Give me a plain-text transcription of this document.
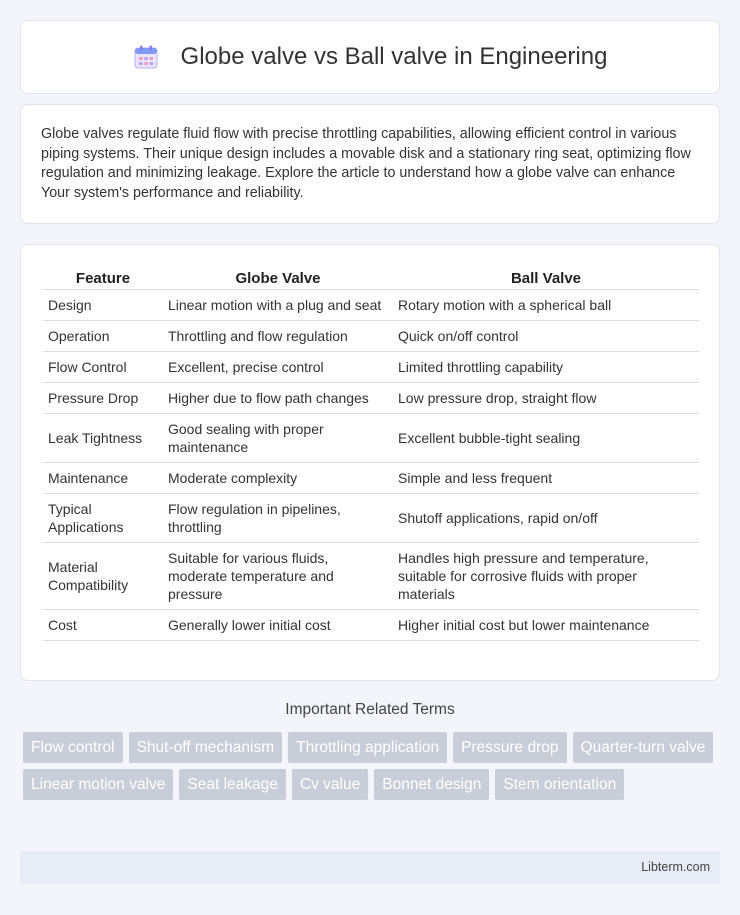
Globe valve vs Ball valve in Engineering

Globe valves regulate fluid flow with precise throttling capabilities, allowing efficient control in various piping systems. Their unique design includes a movable disk and a stationary ring seat, optimizing flow regulation and minimizing leakage. Explore the article to understand how a globe valve can enhance Your system's performance and reliability.

Feature	Globe Valve	Ball Valve
Design	Linear motion with a plug and seat	Rotary motion with a spherical ball
Operation	Throttling and flow regulation	Quick on/off control
Flow Control	Excellent, precise control	Limited throttling capability
Pressure Drop	Higher due to flow path changes	Low pressure drop, straight flow
Leak Tightness	Good sealing with proper maintenance	Excellent bubble-tight sealing
Maintenance	Moderate complexity	Simple and less frequent
Typical Applications	Flow regulation in pipelines, throttling	Shutoff applications, rapid on/off
Material Compatibility	Suitable for various fluids, moderate temperature and pressure	Handles high pressure and temperature, suitable for corrosive fluids with proper materials
Cost	Generally lower initial cost	Higher initial cost but lower maintenance
Important Related Terms
Flow control	Shut-off mechanism	Throttling application	Pressure drop	Quarter-turn valve
Linear motion valve	Seat leakage	Cv value	Bonnet design	Stem orientation
Libterm.com
